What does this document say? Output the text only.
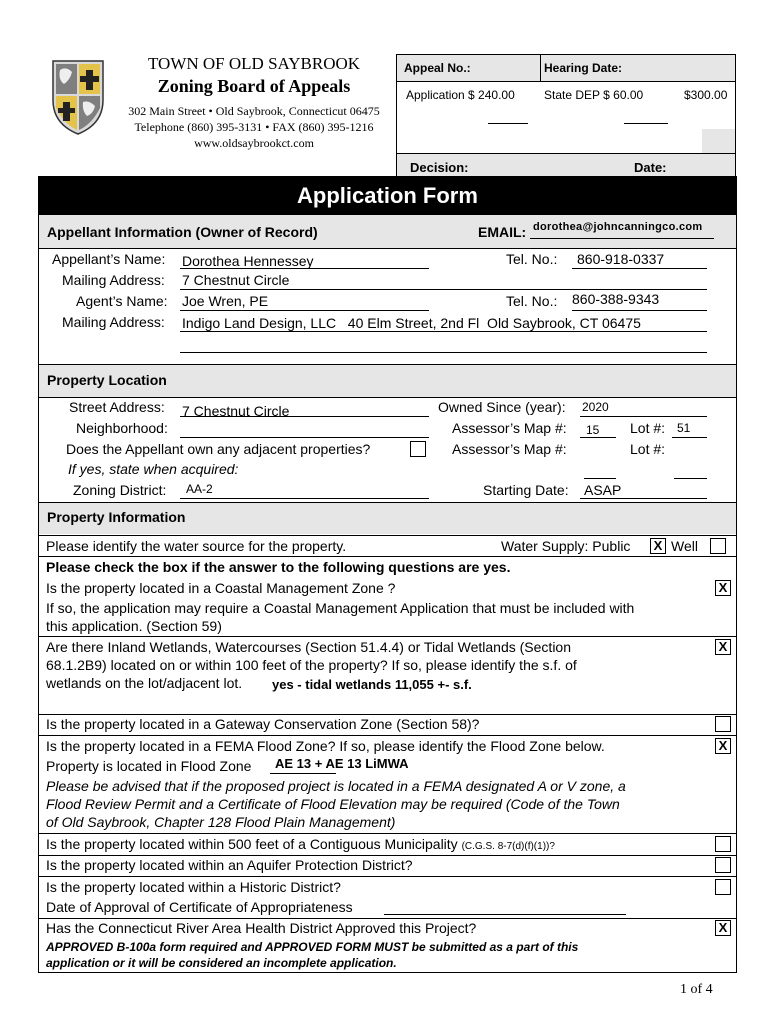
TOWN OF OLD SAYBROOK
Zoning Board of Appeals
302 Main Street • Old Saybrook, Connecticut 06475
Telephone (860) 395-3131 • FAX (860) 395-1216
www.oldsaybrookct.com
Appeal No.:	Hearing Date:
Application $ 240.00 State DEP $ 60.00	$300.00
Decision:	Date:
Application Form
Appellant Information (Owner of Record)	EMAIL: dorothea@johncanningco.com
Appellant’s Name: Dorothea Hennessey	Tel. No.: 860-918-0337
Mailing Address: 7 Chestnut Circle
Agent’s Name: Joe Wren, PE	Tel. No.: 860-388-9343
Mailing Address: Indigo Land Design, LLC   40 Elm Street, 2nd Fl  Old Saybrook, CT 06475
Property Location
Street Address: 7 Chestnut Circle	Owned Since (year): 2020
Neighborhood:	Assessor’s Map #: 15 Lot #: 51
Does the Appellant own any adjacent properties?	Assessor’s Map #:	Lot #:
If yes, state when acquired:
Zoning District: AA-2	Starting Date: ASAP
Property Information
Please identify the water source for the property.	Water Supply: Public X Well
Please check the box if the answer to the following questions are yes.
Is the property located in a Coastal Management Zone ?	X
If so, the application may require a Coastal Management Application that must be included with
this application. (Section 59)
Are there Inland Wetlands, Watercourses (Section 51.4.4) or Tidal Wetlands (Section	X
68.1.2B9) located on or within 100 feet of the property? If so, please identify the s.f. of
wetlands on the lot/adjacent lot. yes - tidal wetlands 11,055 +- s.f.
Is the property located in a Gateway Conservation Zone (Section 58)?
Is the property located in a FEMA Flood Zone? If so, please identify the Flood Zone below.	X
Property is located in Flood Zone AE 13 + AE 13 LiMWA
Please be advised that if the proposed project is located in a FEMA designated A or V zone, a
Flood Review Permit and a Certificate of Flood Elevation may be required (Code of the Town
of Old Saybrook, Chapter 128 Flood Plain Management)
Is the property located within 500 feet of a Contiguous Municipality (C.G.S. 8-7(d)(f)(1))?
Is the property located within an Aquifer Protection District?
Is the property located within a Historic District?
Date of Approval of Certificate of Appropriateness
Has the Connecticut River Area Health District Approved this Project?	X
APPROVED B-100a form required and APPROVED FORM MUST be submitted as a part of this
application or it will be considered an incomplete application.
1 of 4
